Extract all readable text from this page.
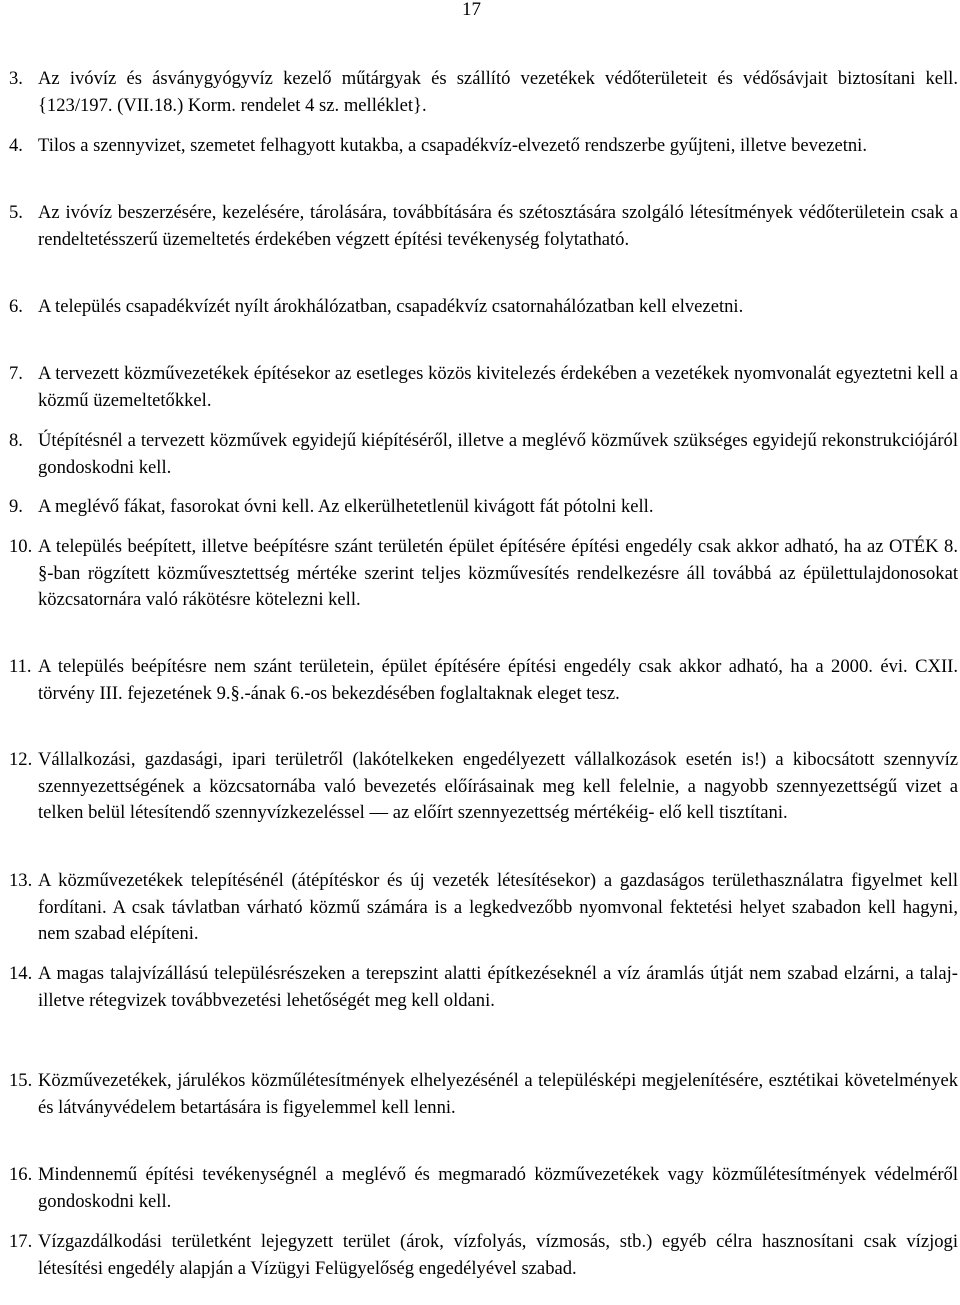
17
3. Az ivóvíz és ásványgyógyvíz kezelő műtárgyak és szállító vezetékek védőterületeit és védősávjait biztosítani kell. {123/197. (VII.18.) Korm. rendelet 4 sz. melléklet}.
4. Tilos a szennyvizet, szemetet felhagyott kutakba, a csapadékvíz-elvezető rendszerbe gyűjteni, illetve bevezetni.
5. Az ivóvíz beszerzésére, kezelésére, tárolására, továbbítására és szétosztására szolgáló létesítmények védőterületein csak a rendeltetésszerű üzemeltetés érdekében végzett építési tevékenység folytatható.
6. A település csapadékvízét nyílt árokhálózatban, csapadékvíz csatornahálózatban kell elvezetni.
7. A tervezett közművezetékek építésekor az esetleges közös kivitelezés érdekében a vezetékek nyomvonalát egyeztetni kell a közmű üzemeltetőkkel.
8. Útépítésnél a tervezett közművek egyidejű kiépítéséről, illetve a meglévő közművek szükséges egyidejű rekonstrukciójáról gondoskodni kell.
9. A meglévő fákat, fasorokat óvni kell. Az elkerülhetetlenül kivágott fát pótolni kell.
10. A település beépített, illetve beépítésre szánt területén épület építésére építési engedély csak akkor adható, ha az OTÉK 8. §-ban rögzített közművesztettség mértéke szerint teljes közművesítés rendelkezésre áll továbbá az épülettulajdonosokat közcsatornára való rákötésre kötelezni kell.
11. A település beépítésre nem szánt területein, épület építésére építési engedély csak akkor adható, ha a 2000. évi. CXII. törvény III. fejezetének 9.§.-ának 6.-os bekezdésében foglaltaknak eleget tesz.
12. Vállalkozási, gazdasági, ipari területről (lakótelkeken engedélyezett vállalkozások esetén is!) a kibocsátott szennyvíz szennyezettségének a közcsatornába való bevezetés előírásainak meg kell felelnie, a nagyobb szennyezettségű vizet a telken belül létesítendő szennyvízkezeléssel — az előírt szennyezettség mértékéig- elő kell tisztítani.
13. A közművezetékek telepítésénél (átépítéskor és új vezeték létesítésekor) a gazdaságos területhasználatra figyelmet kell fordítani. A csak távlatban várható közmű számára is a legkedvezőbb nyomvonal fektetési helyet szabadon kell hagyni, nem szabad elépíteni.
14. A magas talajvízállású településrészeken a terepszint alatti építkezéseknél a víz áramlás útját nem szabad elzárni, a talaj- illetve rétegvizek továbbvezetési lehetőségét meg kell oldani.
15. Közművezetékek, járulékos közműlétesítmények elhelyezésénél a településképi megjelenítésére, esztétikai követelmények és látványvédelem betartására is figyelemmel kell lenni.
16. Mindennemű építési tevékenységnél a meglévő és megmaradó közművezetékek vagy közműlétesítmények védelméről gondoskodni kell.
17. Vízgazdálkodási területként lejegyzett terület (árok, vízfolyás, vízmosás, stb.) egyéb célra hasznosítani csak vízjogi létesítési engedély alapján a Vízügyi Felügyelőség engedélyével szabad.
